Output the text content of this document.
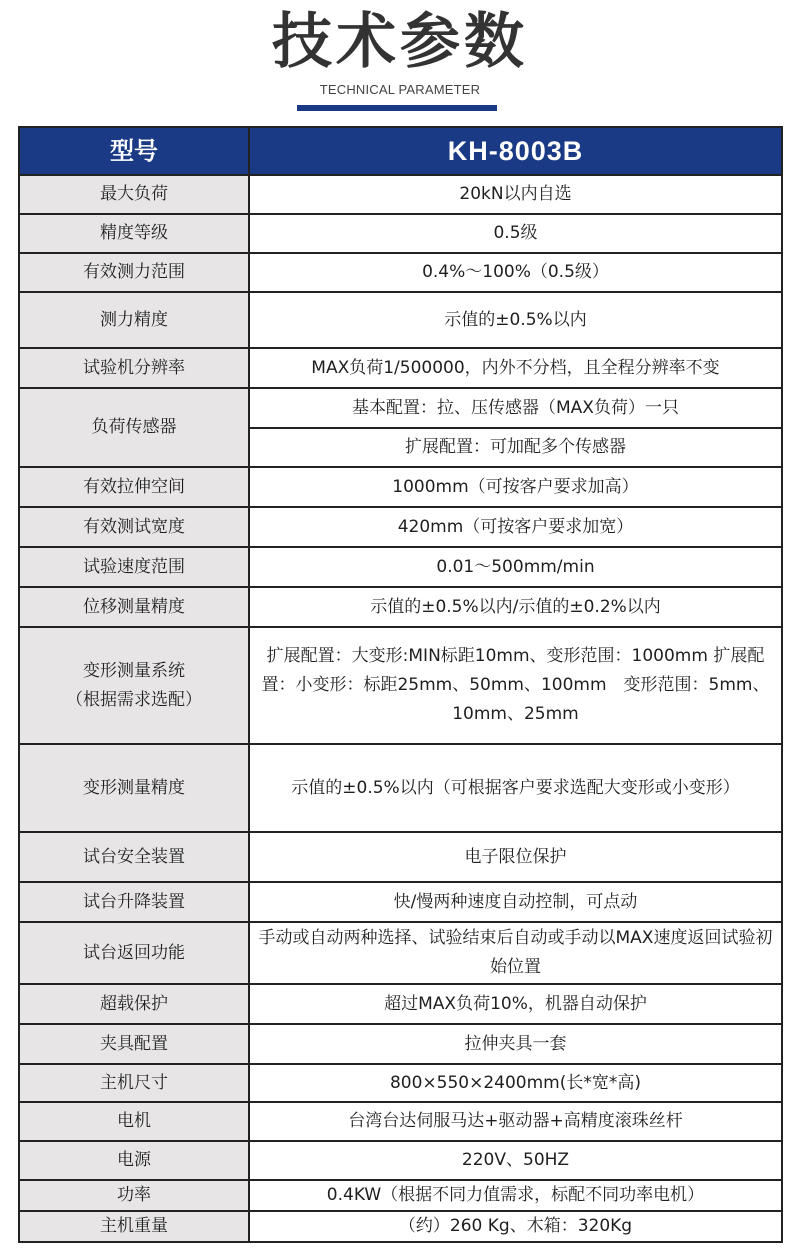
技术参数
TECHNICAL PARAMETER
型号	KH-8003B
最大负荷	20kN以内自选
精度等级	0.5级
有效测力范围	0.4%～100%（0.5级）
测力精度	示值的±0.5%以内
试验机分辨率	MAX负荷1/500000，内外不分档，且全程分辨率不变
负荷传感器	基本配置：拉、压传感器（MAX负荷）一只
	扩展配置：可加配多个传感器
有效拉伸空间	1000mm（可按客户要求加高）
有效测试宽度	420mm（可按客户要求加宽）
试验速度范围	0.01～500mm/min
位移测量精度	示值的±0.5%以内/示值的±0.2%以内

变形测量系统
（根据需求选配）	扩展配置：大变形:MIN标距10mm、变形范围：1000mm 扩展配置：小变形：标距25mm、50mm、100mm　变形范围：5mm、10mm、25mm
变形测量精度	示值的±0.5%以内（可根据客户要求选配大变形或小变形）
试台安全装置	电子限位保护
试台升降装置	快/慢两种速度自动控制，可点动
试台返回功能	手动或自动两种选择、试验结束后自动或手动以MAX速度返回试验初始位置
超载保护	超过MAX负荷10%，机器自动保护
夹具配置	拉伸夹具一套
主机尺寸	800×550×2400mm(长*宽*高)
电机	台湾台达伺服马达+驱动器+高精度滚珠丝杆
电源	220V、50HZ
功率	0.4KW（根据不同力值需求，标配不同功率电机）
主机重量	（约）260 Kg、木箱：320Kg
